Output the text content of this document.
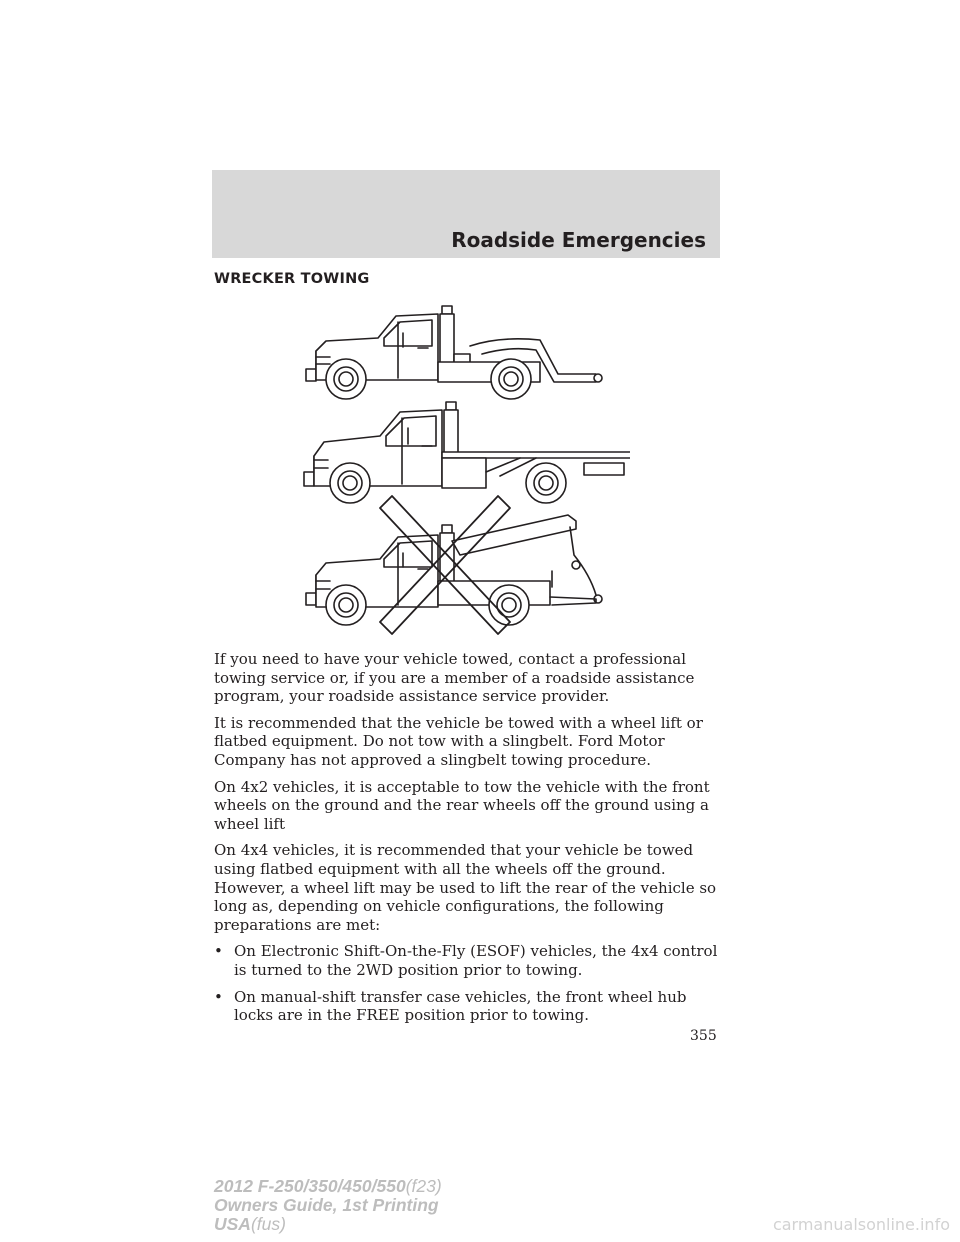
Roadside Emergencies
WRECKER TOWING

If you need to have your vehicle towed, contact a professional towing service or, if you are a member of a roadside assistance program, your roadside assistance service provider.

It is recommended that the vehicle be towed with a wheel lift or flatbed equipment. Do not tow with a slingbelt. Ford Motor Company has not approved a slingbelt towing procedure.

On 4x2 vehicles, it is acceptable to tow the vehicle with the front wheels on the ground and the rear wheels off the ground using a wheel lift

On 4x4 vehicles, it is recommended that your vehicle be towed using flatbed equipment with all the wheels off the ground. However, a wheel lift may be used to lift the rear of the vehicle so long as, depending on vehicle configurations, the following preparations are met:

• On Electronic Shift-On-the-Fly (ESOF) vehicles, the 4x4 control is turned to the 2WD position prior to towing.
• On manual-shift transfer case vehicles, the front wheel hub locks are in the FREE position prior to towing.
355
2012 F-250/350/450/550(f23)
Owners Guide, 1st Printing
USA(fus)	carmanualsonline.info
